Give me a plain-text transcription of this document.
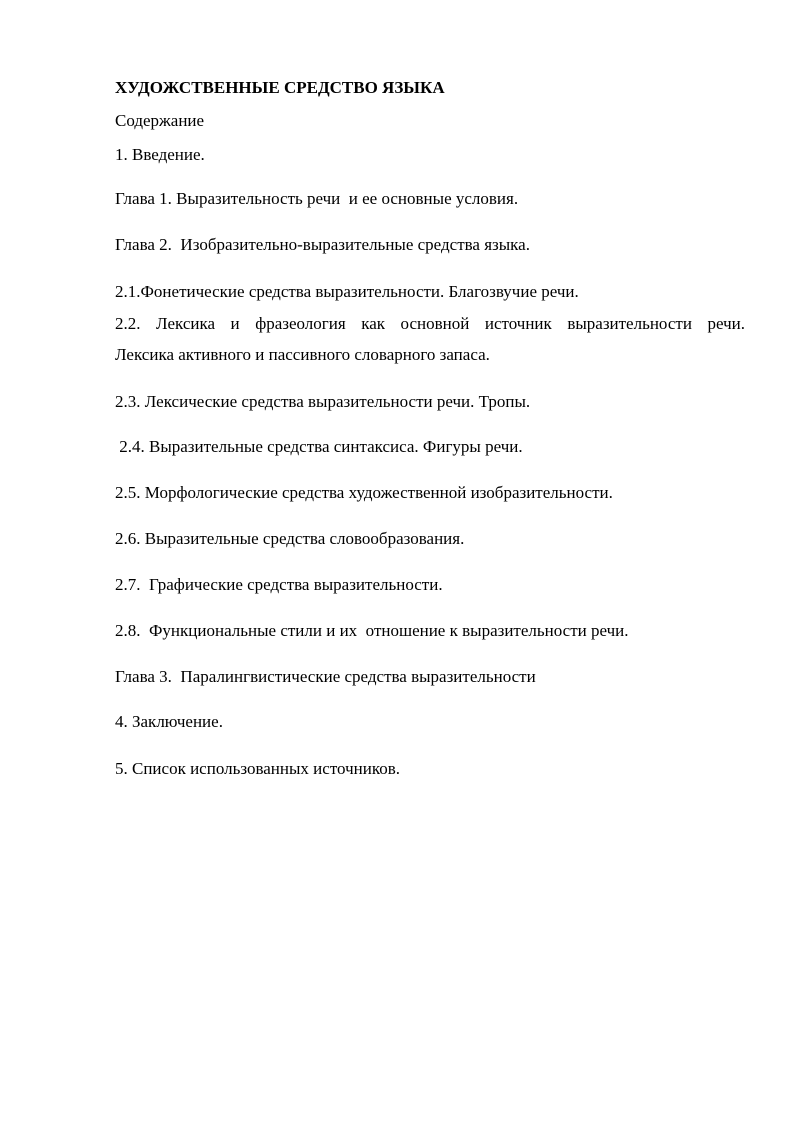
ХУДОЖСТВЕННЫЕ СРЕДСТВО ЯЗЫКА
Содержание
1. Введение.
Глава 1. Выразительность речи  и ее основные условия.
Глава 2.  Изобразительно-выразительные средства языка.
2.1.Фонетические средства выразительности. Благозвучие речи.
2.2. Лексика и фразеология как основной источник выразительности речи.
Лексика активного и пассивного словарного запаса.
2.3. Лексические средства выразительности речи. Тропы.
2.4. Выразительные средства синтаксиса. Фигуры речи.
2.5. Морфологические средства художественной изобразительности.
2.6. Выразительные средства словообразования.
2.7.  Графические средства выразительности.
2.8.  Функциональные стили и их  отношение к выразительности речи.
Глава 3.  Паралингвистические средства выразительности
4. Заключение.
5. Список использованных источников.
